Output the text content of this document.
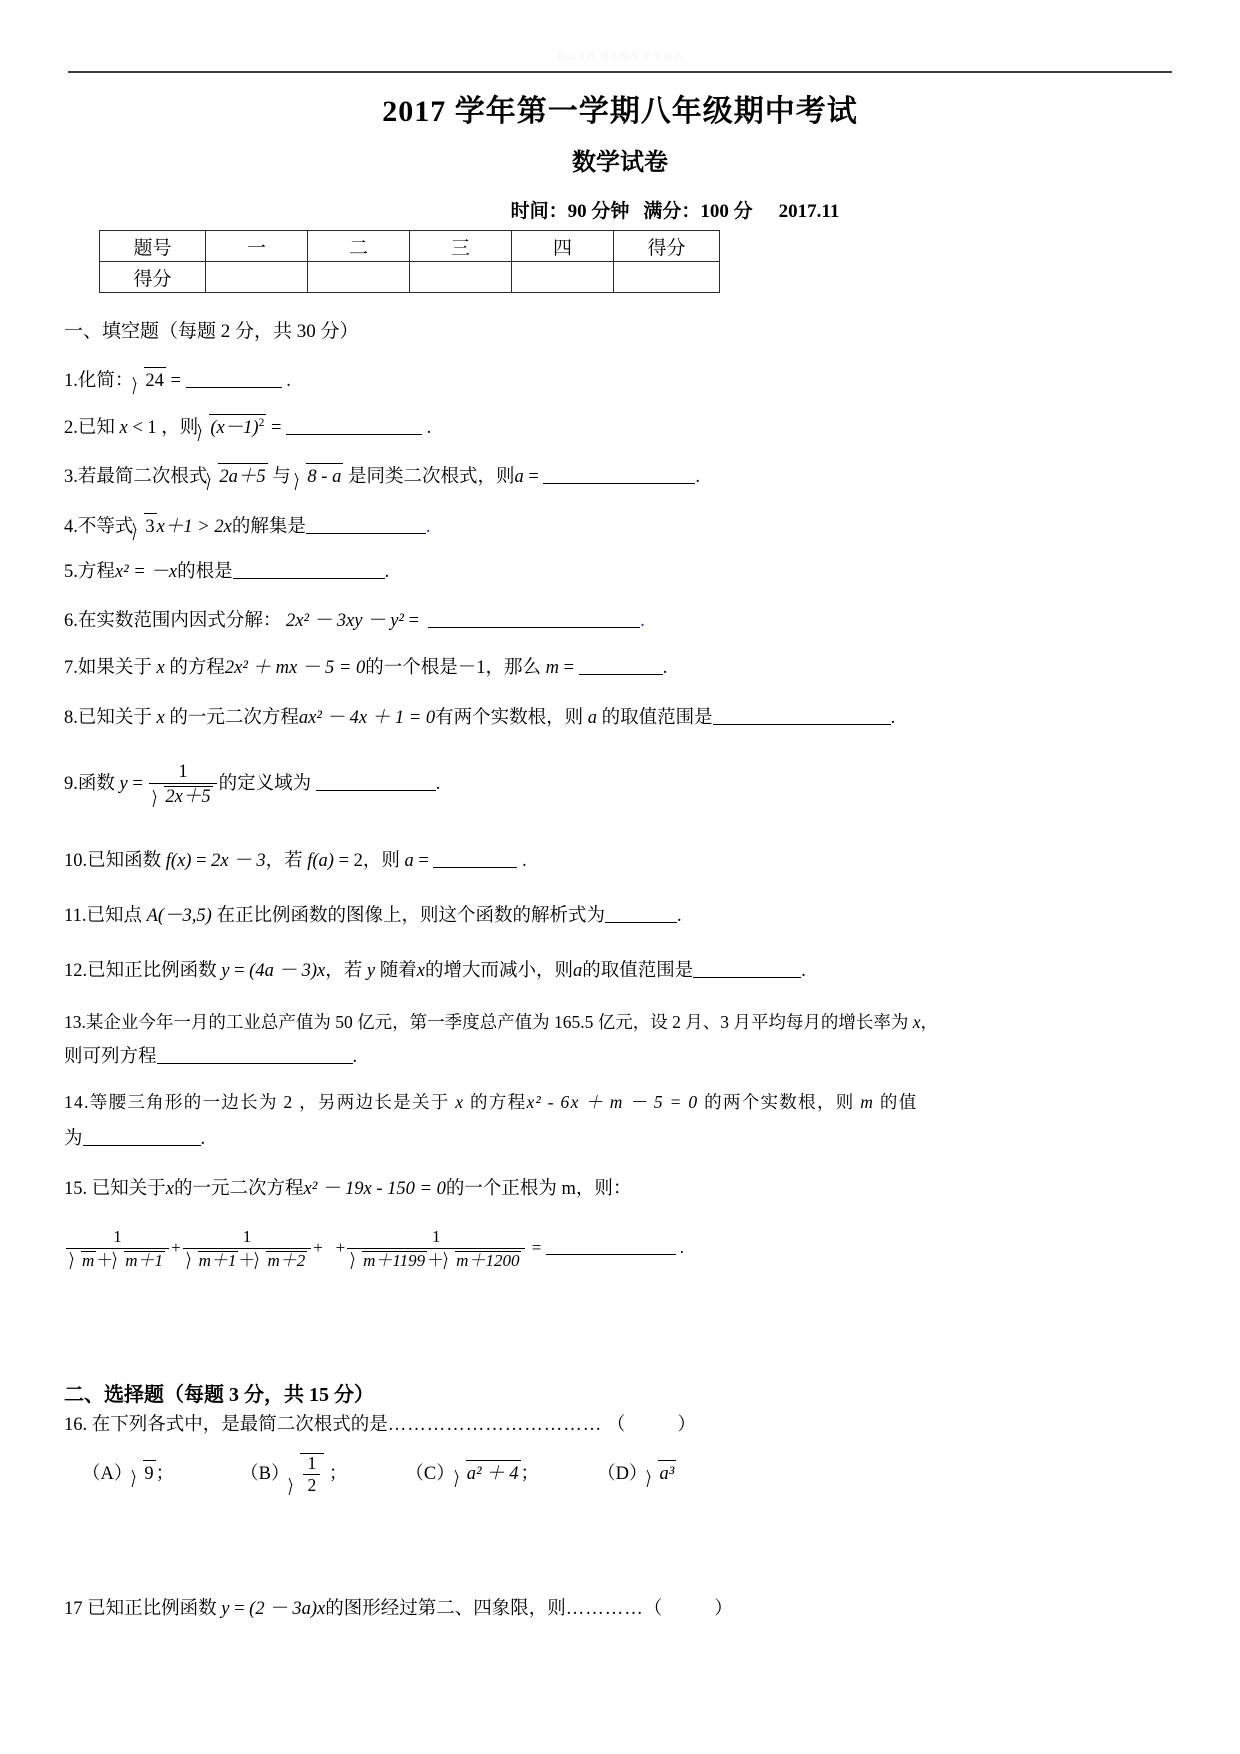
精品文档 用心整理 助您成功
2017 学年第一学期八年级期中考试
数学试卷
时间：90 分钟 满分：100 分 2017.11
题号	一	二	三	四	得分
得分					
一、填空题（每题 2 分，共 30 分）
1.化简： 24 =	.
2.已知 x < 1 ，则 $(x-1)^2$ =	.
3.若最简二次根式 2a＋5 与 8 - a 是同类二次根式，则a =	.
4.不等式 3 x＋1 > 2x的解集是	.
5.方程x² = －x的根是	.
6.在实数范围内因式分解： 2x² － 3xy － y² =	.
7.如果关于 x 的方程2x² ＋ mx － 5 = 0的一个根是－1，那么 m =	.
8.已知关于 x 的一元二次方程ax² － 4x ＋ 1 = 0有两个实数根，则 a 的取值范围是	.
9.函数 $y = \frac{1}{2x+5}$ 的定义域为	.
10.已知函数 f(x) = 2x － 3，若 f(a) = 2，则 a =	.
11.已知点 A(－3,5) 在正比例函数的图像上，则这个函数的解析式为	.
12.已知正比例函数 y = (4a － 3)x，若 y 随着x的增大而减小，则a的取值范围是	.
13.某企业今年一月的工业总产值为 50 亿元，第一季度总产值为 165.5 亿元，设 2 月、3 月平均每月的增长率为 x，
则可列方程	.
14.等腰三角形的一边长为 2 ，另两边长是关于 x 的方程x² - 6x ＋ m － 5 = 0 的两个实数根，则 m 的值
为	.
15. 已知关于x的一元二次方程x² － 19x - 150 = 0的一个正根为 m，则：
$\frac{1}{m + m+1} + \frac{1}{m+1 + m+2}$ + + $\frac{1}{m+1199 + m+1200}$ =	.
二、选择题（每题 3 分，共 15 分）
16. 在下列各式中，是最简二次根式的是…………………………… （	）
（A） 9 ；	$(B) \frac{1}{2}$ ；	（C） a² ＋ 4 ；	（D） a³
17 已知正比例函数 y = (2 － 3a)x的图形经过第二、四象限，则…………（	）
